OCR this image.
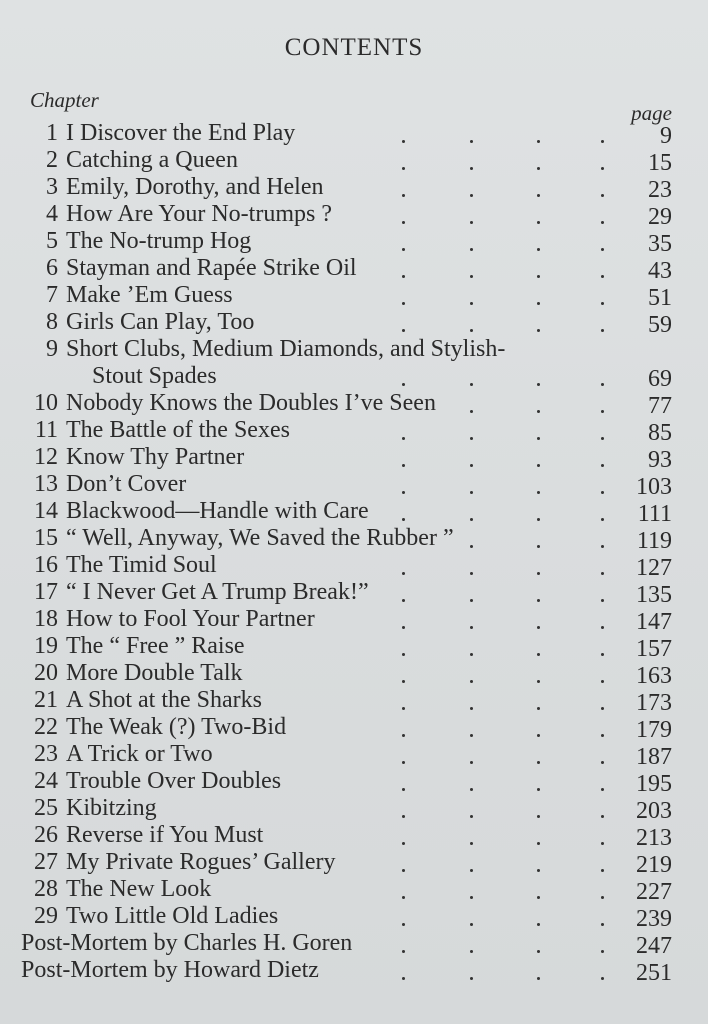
CONTENTS
Chapter
page
1 I Discover the End Play	9
2 Catching a Queen	15
3 Emily, Dorothy, and Helen	23
4 How Are Your No-trumps ?	29
5 The No-trump Hog	35
6 Stayman and Rapée Strike Oil	43
7 Make ’Em Guess	51
8 Girls Can Play, Too	59
9 Short Clubs, Medium Diamonds, and Stylish-
Stout Spades	69
10 Nobody Knows the Doubles I’ve Seen	77
11 The Battle of the Sexes	85
12 Know Thy Partner	93
13 Don’t Cover	103
14 Blackwood—Handle with Care	111
15 “ Well, Anyway, We Saved the Rubber ”	119
16 The Timid Soul	127
17 “ I Never Get A Trump Break!”	135
18 How to Fool Your Partner	147
19 The “ Free ” Raise	157
20 More Double Talk	163
21 A Shot at the Sharks	173
22 The Weak (?) Two-Bid	179
23 A Trick or Two	187
24 Trouble Over Doubles	195
25 Kibitzing	203
26 Reverse if You Must	213
27 My Private Rogues’ Gallery	219
28 The New Look	227
29 Two Little Old Ladies	239
Post-Mortem by Charles H. Goren	247
Post-Mortem by Howard Dietz	251
